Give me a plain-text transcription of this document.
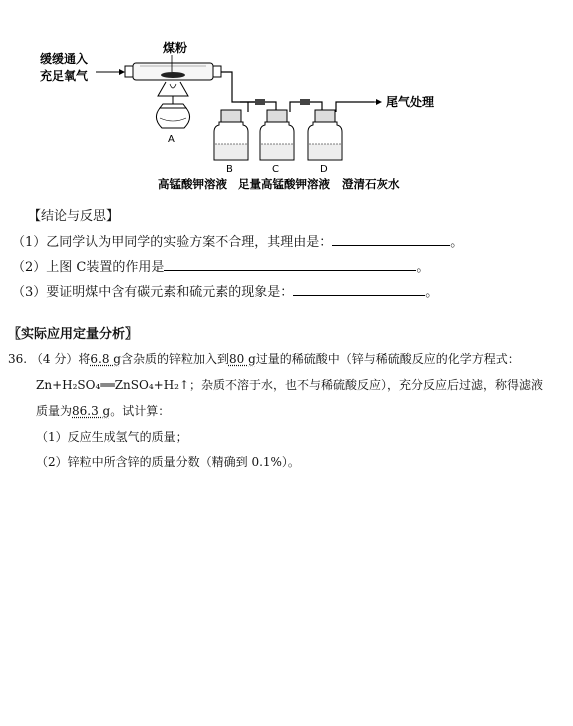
缓缓通入
充足氧气
煤粉
A
尾气处理
B	C	D
高锰酸钾溶液 足量高锰酸钾溶液 澄清石灰水
【结论与反思】
（1）乙同学认为甲同学的实验方案不合理，其理由是：	。
（2）上图 C装置的作用是	。
（3）要证明煤中含有碳元素和硫元素的现象是：	。
〖实际应用定量分析〗
36. （4 分）将6.8 g含杂质的锌粒加入到80 g过量的稀硫酸中（锌与稀硫酸反应的化学方程式：
Zn+H₂SO₄══ZnSO₄+H₂↑；杂质不溶于水，也不与稀硫酸反应），充分反应后过滤，称得滤液
质量为86.3 g。试计算：
（1）反应生成氢气的质量；
（2）锌粒中所含锌的质量分数（精确到 0.1%）。
